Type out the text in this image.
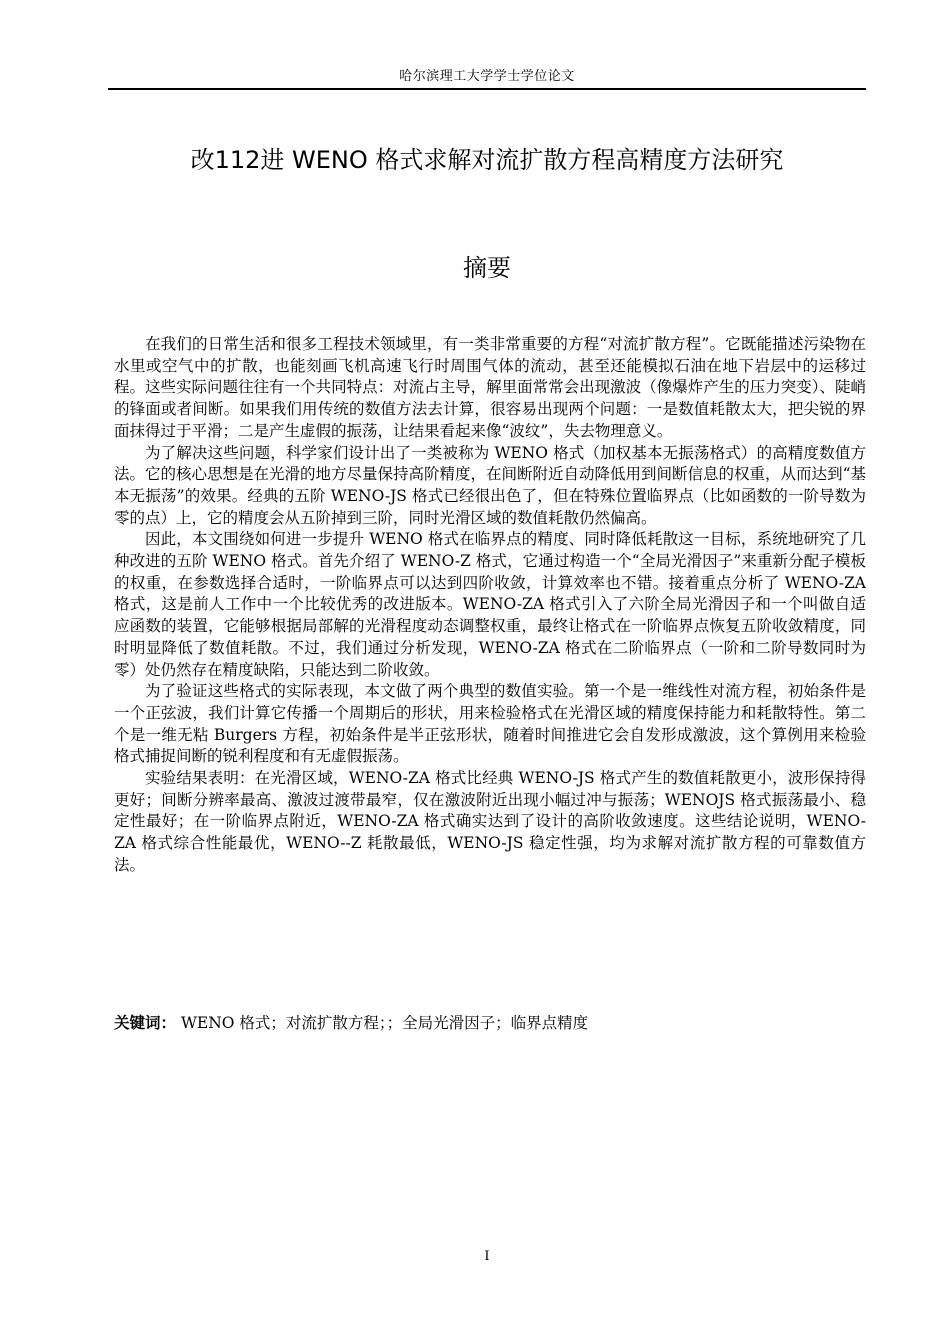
哈尔滨理工大学学士学位论文
改112进 WENO 格式求解对流扩散方程高精度方法研究
摘要

在我们的日常生活和很多工程技术领域里，有一类非常重要的方程“对流扩散方程”。它既能描述污染物在水里或空气中的扩散，也能刻画飞机高速飞行时周围气体的流动，甚至还能模拟石油在地下岩层中的运移过程。这些实际问题往往有一个共同特点：对流占主导，解里面常常会出现激波（像爆炸产生的压力突变）、陡峭的锋面或者间断。如果我们用传统的数值方法去计算，很容易出现两个问题：一是数值耗散太大，把尖锐的界面抹得过于平滑；二是产生虚假的振荡，让结果看起来像“波纹”，失去物理意义。

为了解决这些问题，科学家们设计出了一类被称为 WENO 格式（加权基本无振荡格式）的高精度数值方法。它的核心思想是在光滑的地方尽量保持高阶精度，在间断附近自动降低用到间断信息的权重，从而达到“基本无振荡”的效果。经典的五阶 WENO-JS 格式已经很出色了，但在特殊位置临界点（比如函数的一阶导数为零的点）上，它的精度会从五阶掉到三阶，同时光滑区域的数值耗散仍然偏高。

因此，本文围绕如何进一步提升 WENO 格式在临界点的精度、同时降低耗散这一目标，系统地研究了几种改进的五阶 WENO 格式。首先介绍了 WENO-Z 格式，它通过构造一个“全局光滑因子”来重新分配子模板的权重，在参数选择合适时，一阶临界点可以达到四阶收敛，计算效率也不错。接着重点分析了 WENO-ZA 格式，这是前人工作中一个比较优秀的改进版本。WENO-ZA 格式引入了六阶全局光滑因子和一个叫做自适应函数的装置，它能够根据局部解的光滑程度动态调整权重，最终让格式在一阶临界点恢复五阶收敛精度，同时明显降低了数值耗散。不过，我们通过分析发现，WENO-ZA 格式在二阶临界点（一阶和二阶导数同时为零）处仍然存在精度缺陷，只能达到二阶收敛。

为了验证这些格式的实际表现，本文做了两个典型的数值实验。第一个是一维线性对流方程，初始条件是一个正弦波，我们计算它传播一个周期后的形状，用来检验格式在光滑区域的精度保持能力和耗散特性。第二个是一维无粘 Burgers 方程，初始条件是半正弦形状，随着时间推进它会自发形成激波，这个算例用来检验格式捕捉间断的锐利程度和有无虚假振荡。

实验结果表明：在光滑区域，WENO-ZA 格式比经典 WENO-JS 格式产生的数值耗散更小，波形保持得更好；间断分辨率最高、激波过渡带最窄，仅在激波附近出现小幅过冲与振荡；WENOJS 格式振荡最小、稳定性最好；在一阶临界点附近，WENO-ZA 格式确实达到了设计的高阶收敛速度。这些结论说明，WENO-ZA 格式综合性能最优，WENO--Z 耗散最低，WENO-JS 稳定性强，均为求解对流扩散方程的可靠数值方法。

关键词： WENO 格式；对流扩散方程；；全局光滑因子；临界点精度
I
